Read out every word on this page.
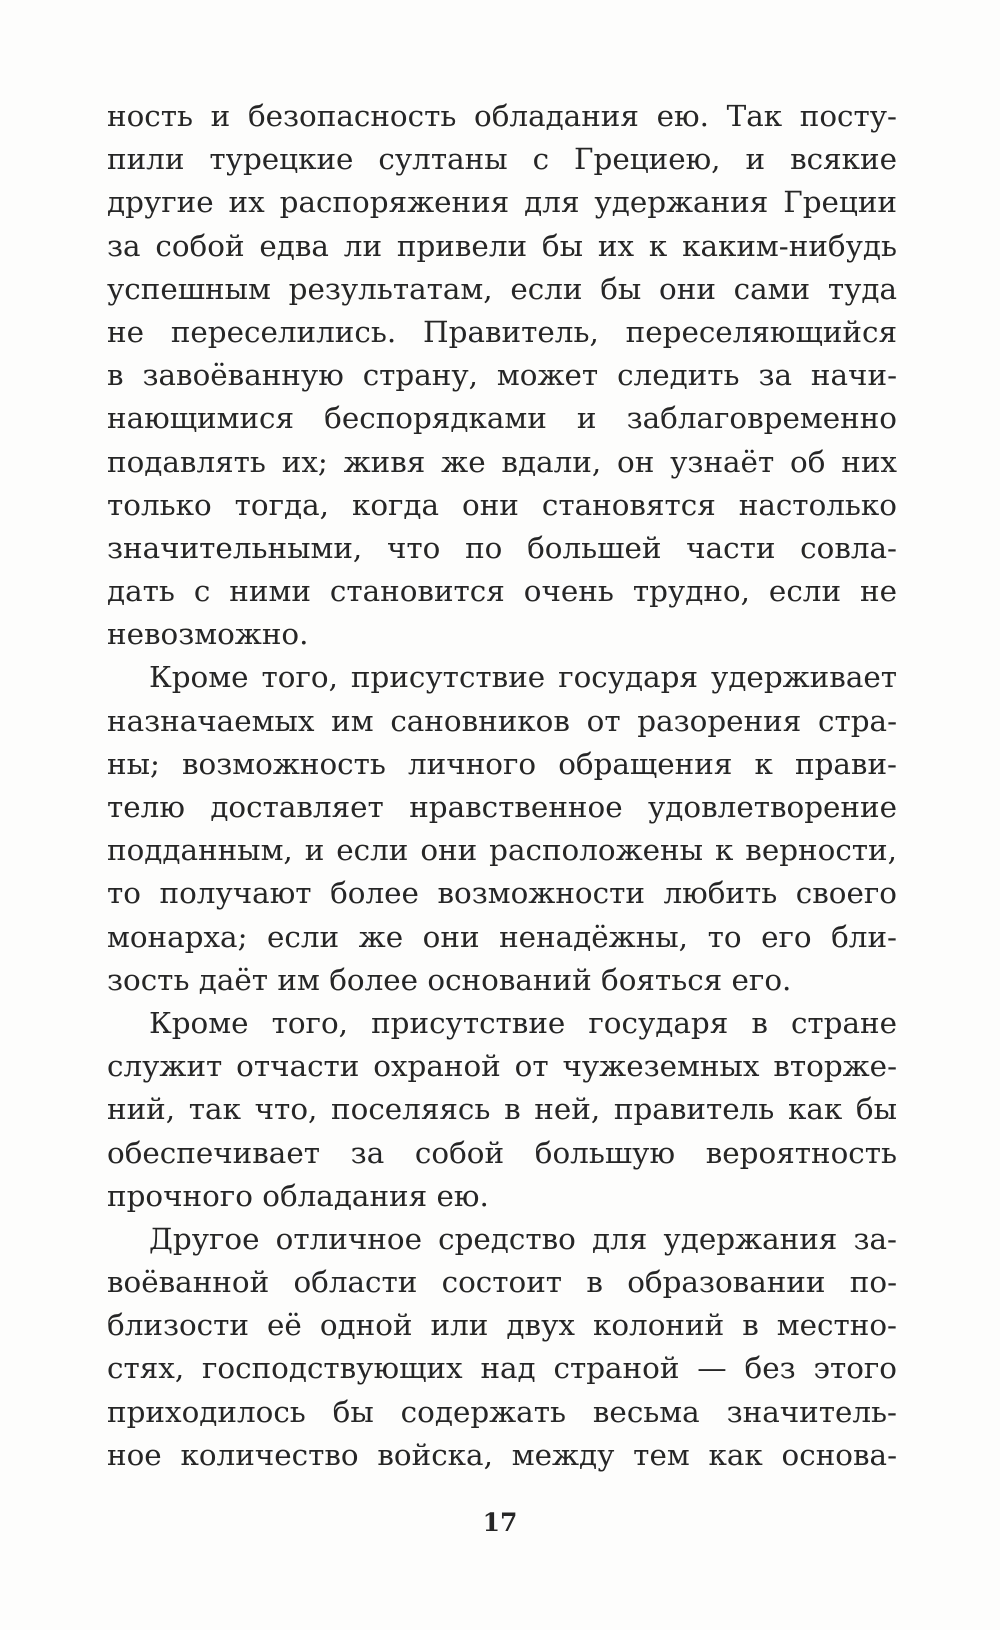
ность и безопасность обладания ею. Так посту-
пили турецкие султаны с Грециею, и всякие
другие их распоряжения для удержания Греции
за собой едва ли привели бы их к каким-нибудь
успешным результатам, если бы они сами туда
не переселились. Правитель, переселяющийся
в завоёванную страну, может следить за начи-
нающимися беспорядками и заблаговременно
подавлять их; живя же вдали, он узнаёт об них
только тогда, когда они становятся настолько
значительными, что по большей части совла-
дать с ними становится очень трудно, если не
невозможно.
Кроме того, присутствие государя удерживает
назначаемых им сановников от разорения стра-
ны; возможность личного обращения к прави-
телю доставляет нравственное удовлетворение
подданным, и если они расположены к верности,
то получают более возможности любить своего
монарха; если же они ненадёжны, то его бли-
зость даёт им более оснований бояться его.
Кроме того, присутствие государя в стране
служит отчасти охраной от чужеземных вторже-
ний, так что, поселяясь в ней, правитель как бы
обеспечивает за собой большую вероятность
прочного обладания ею.
Другое отличное средство для удержания за-
воёванной области состоит в образовании по-
близости её одной или двух колоний в местно-
стях, господствующих над страной — без этого
приходилось бы содержать весьма значитель-
ное количество войска, между тем как основа-
17
